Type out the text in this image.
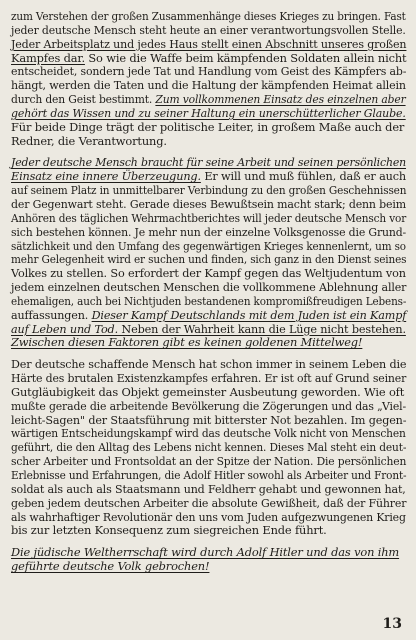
zum Verstehen der großen Zusammenhänge dieses Krieges zu bringen. Fast
jeder deutsche Mensch steht heute an einer verantwortungsvollen Stelle.
Jeder Arbeitsplatz und jedes Haus stellt einen Abschnitt unseres großen
Kampfes dar. So wie die Waffe beim kämpfenden Soldaten allein nicht
entscheidet, sondern jede Tat und Handlung vom Geist des Kämpfers ab-
hängt, werden die Taten und die Haltung der kämpfenden Heimat allein
durch den Geist bestimmt. Zum vollkommenen Einsatz des einzelnen aber
gehört das Wissen und zu seiner Haltung ein unerschütterlicher Glaube.
Für beide Dinge trägt der politische Leiter, in großem Maße auch der
Redner, die Verantwortung.
Jeder deutsche Mensch braucht für seine Arbeit und seinen persönlichen
Einsatz eine innere Überzeugung. Er will und muß fühlen, daß er auch
auf seinem Platz in unmittelbarer Verbindung zu den großen Geschehnissen
der Gegenwart steht. Gerade dieses Bewußtsein macht stark; denn beim
Anhören des täglichen Wehrmachtberichtes will jeder deutsche Mensch vor
sich bestehen können. Je mehr nun der einzelne Volksgenosse die Grund-
sätzlichkeit und den Umfang des gegenwärtigen Krieges kennenlernt, um so
mehr Gelegenheit wird er suchen und finden, sich ganz in den Dienst seines
Volkes zu stellen. So erfordert der Kampf gegen das Weltjudentum von
jedem einzelnen deutschen Menschen die vollkommene Ablehnung aller
ehemaligen, auch bei Nichtjuden bestandenen kompromißfreudigen Lebens-
auffassungen. Dieser Kampf Deutschlands mit dem Juden ist ein Kampf
auf Leben und Tod. Neben der Wahrheit kann die Lüge nicht bestehen.
Zwischen diesen Faktoren gibt es keinen goldenen Mittelweg!
Der deutsche schaffende Mensch hat schon immer in seinem Leben die
Härte des brutalen Existenzkampfes erfahren. Er ist oft auf Grund seiner
Gutgläubigkeit das Objekt gemeinster Ausbeutung geworden. Wie oft
mußte gerade die arbeitende Bevölkerung die Zögerungen und das „Viel-
leicht-Sagen" der Staatsführung mit bitterster Not bezahlen. Im gegen-
wärtigen Entscheidungskampf wird das deutsche Volk nicht von Menschen
geführt, die den Alltag des Lebens nicht kennen. Dieses Mal steht ein deut-
scher Arbeiter und Frontsoldat an der Spitze der Nation. Die persönlichen
Erlebnisse und Erfahrungen, die Adolf Hitler sowohl als Arbeiter und Front-
soldat als auch als Staatsmann und Feldherr gehabt und gewonnen hat,
geben jedem deutschen Arbeiter die absolute Gewißheit, daß der Führer
als wahrhaftiger Revolutionär den uns vom Juden aufgezwungenen Krieg
bis zur letzten Konsequenz zum siegreichen Ende führt.
Die jüdische Weltherrschaft wird durch Adolf Hitler und das von ihm
geführte deutsche Volk gebrochen!
13
